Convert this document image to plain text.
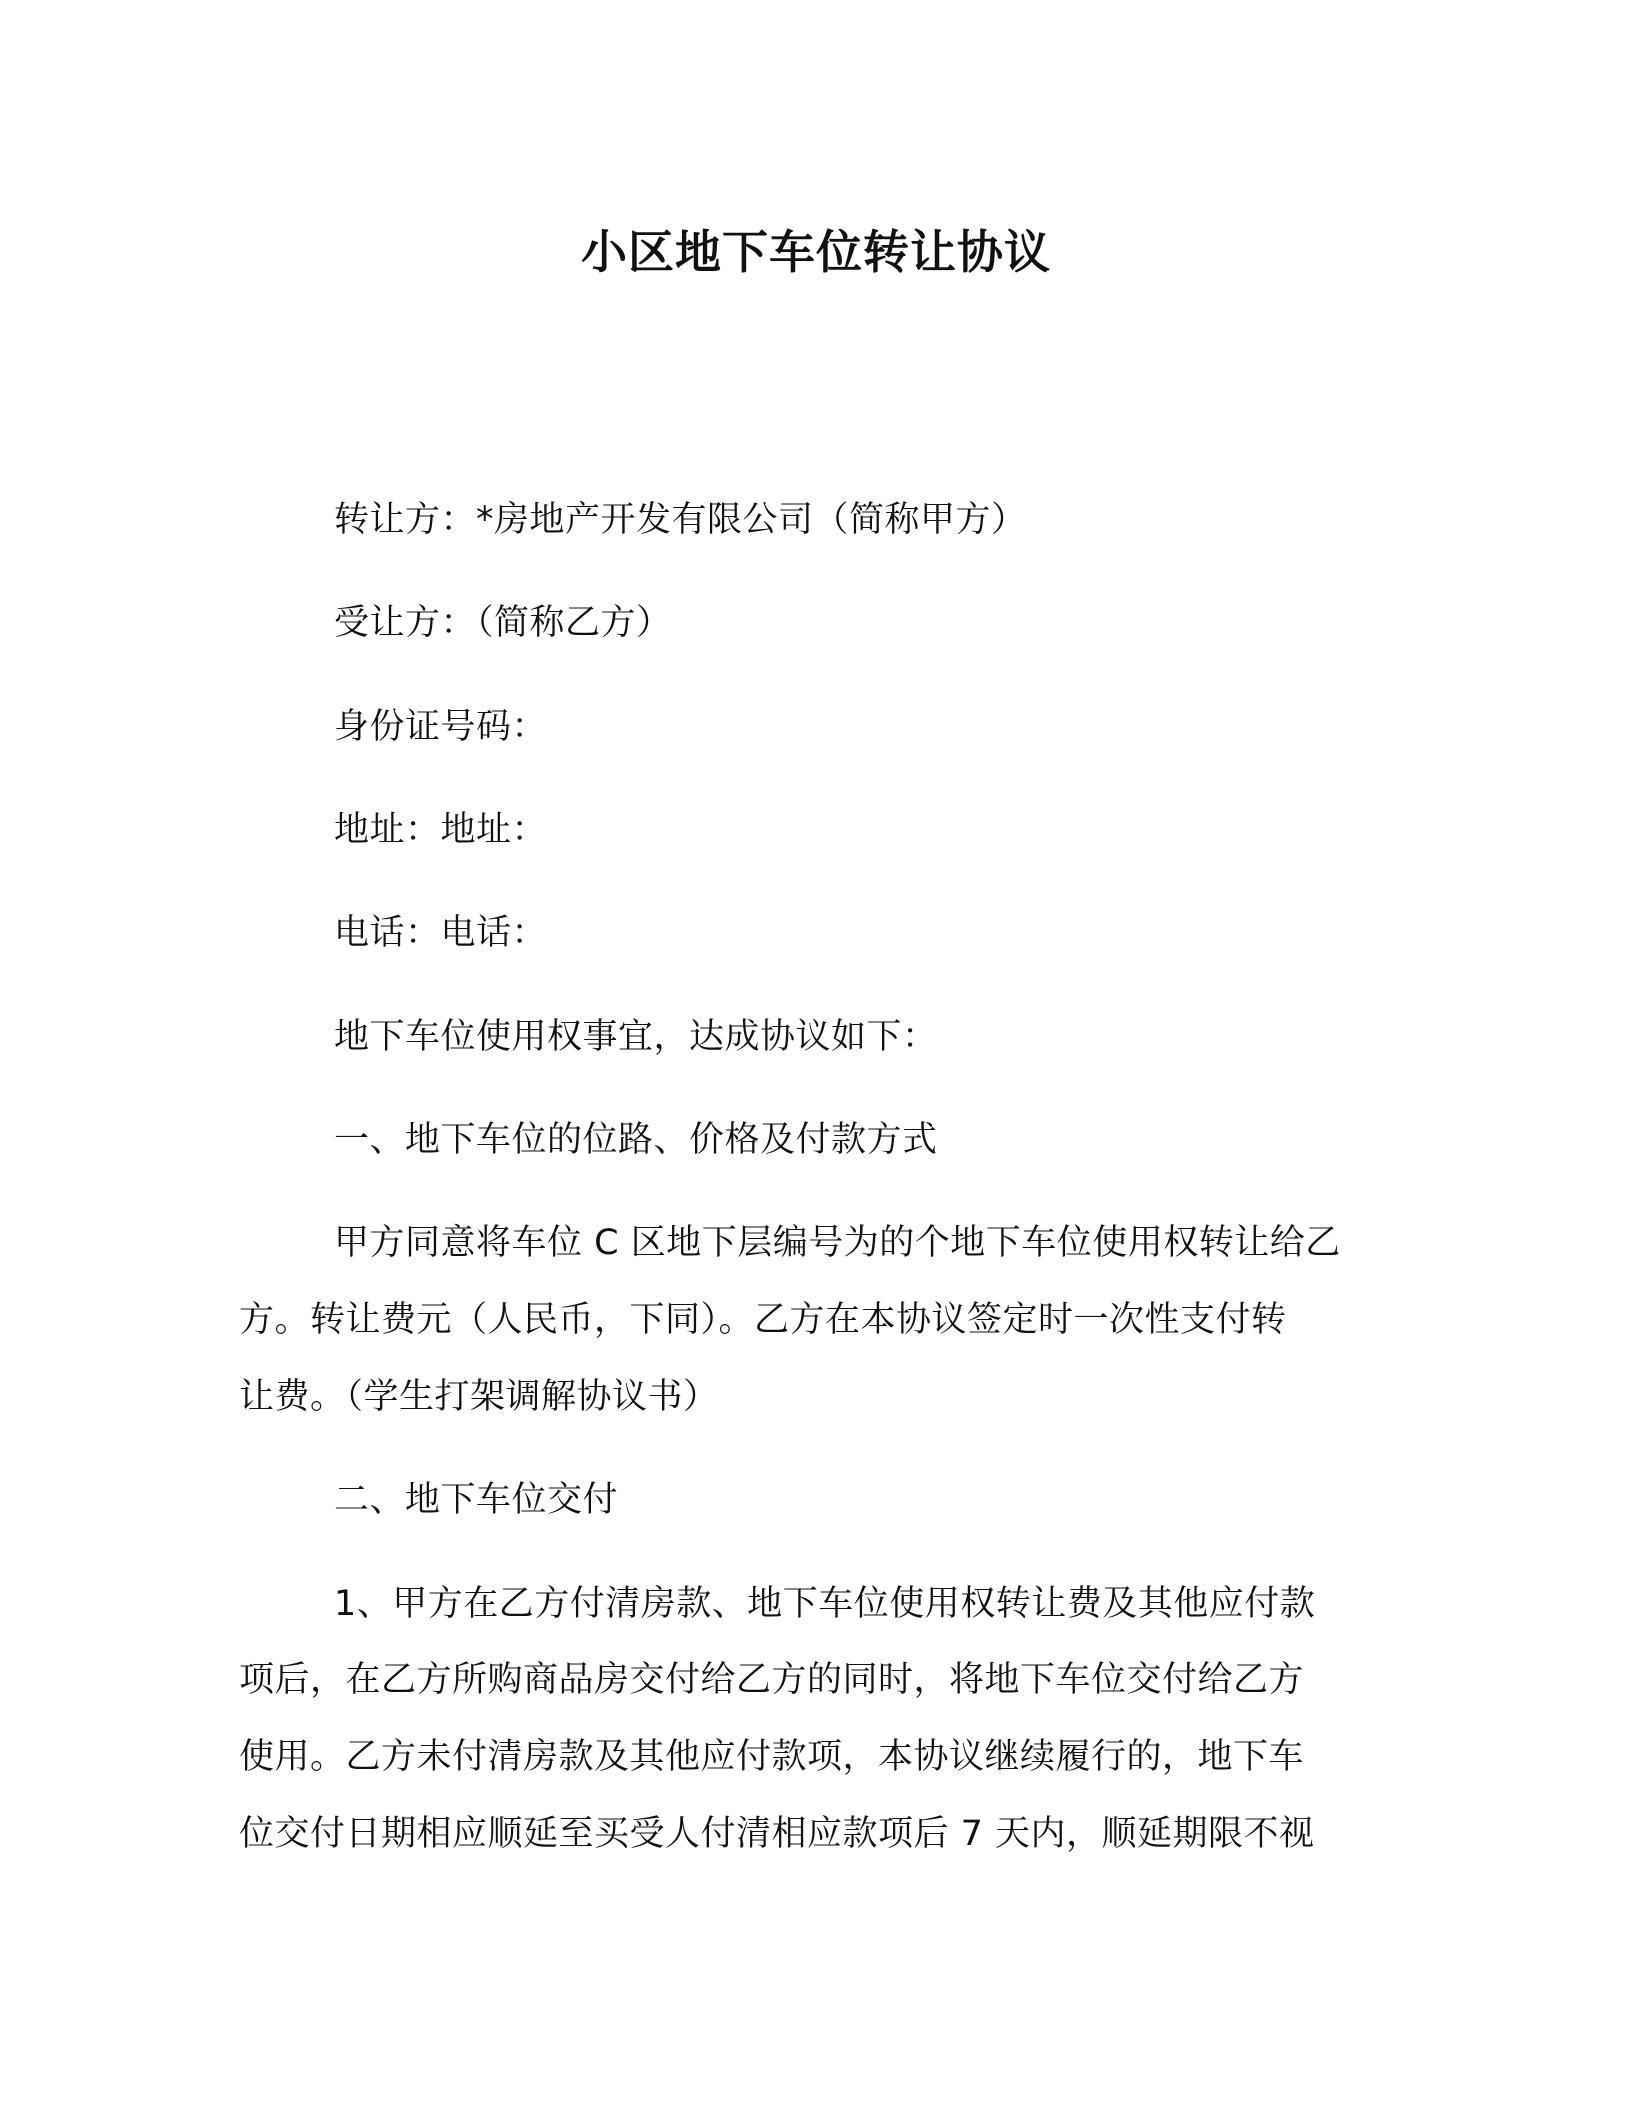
小区地下车位转让协议
转让方：*房地产开发有限公司（简称甲方）
受让方：（简称乙方）
身份证号码：
地址：地址：
电话：电话：
地下车位使用权事宜，达成协议如下：
一、地下车位的位路、价格及付款方式
甲方同意将车位 C 区地下层编号为的个地下车位使用权转让给乙
方。转让费元（人民币，下同）。乙方在本协议签定时一次性支付转
让费。（学生打架调解协议书）
二、地下车位交付
1、甲方在乙方付清房款、地下车位使用权转让费及其他应付款
项后，在乙方所购商品房交付给乙方的同时，将地下车位交付给乙方
使用。乙方未付清房款及其他应付款项，本协议继续履行的，地下车
位交付日期相应顺延至买受人付清相应款项后 7 天内，顺延期限不视
